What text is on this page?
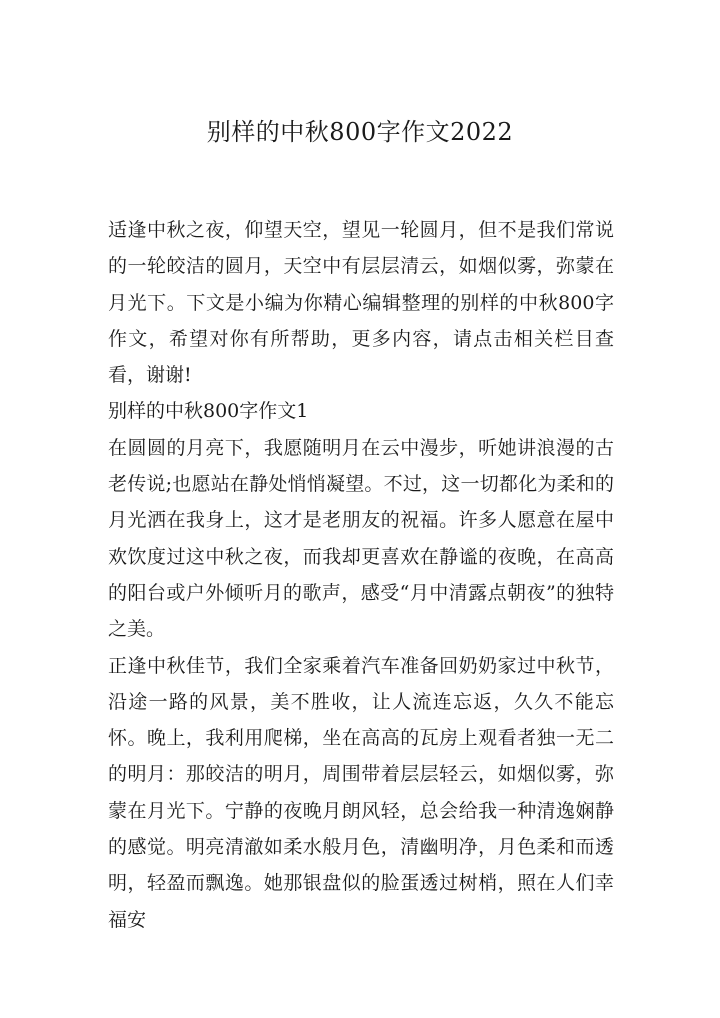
别样的中秋800字作文2022

适逢中秋之夜，仰望天空，望见一轮圆月，但不是我们常说的一轮皎洁的圆月，天空中有层层清云，如烟似雾，弥蒙在月光下。下文是小编为你精心编辑整理的别样的中秋800字作文，希望对你有所帮助，更多内容，请点击相关栏目查看，谢谢!

别样的中秋800字作文1

在圆圆的月亮下，我愿随明月在云中漫步，听她讲浪漫的古老传说;也愿站在静处悄悄凝望。不过，这一切都化为柔和的月光洒在我身上，这才是老朋友的祝福。许多人愿意在屋中欢饮度过这中秋之夜，而我却更喜欢在静谧的夜晚，在高高的阳台或户外倾听月的歌声，感受“月中清露点朝夜”的独特之美。

正逢中秋佳节，我们全家乘着汽车准备回奶奶家过中秋节，沿途一路的风景，美不胜收，让人流连忘返，久久不能忘怀。晚上，我利用爬梯，坐在高高的瓦房上观看者独一无二的明月：那皎洁的明月，周围带着层层轻云，如烟似雾，弥蒙在月光下。宁静的夜晚月朗风轻，总会给我一种清逸娴静的感觉。明亮清澈如柔水般月色，清幽明净，月色柔和而透明，轻盈而飘逸。她那银盘似的脸蛋透过树梢，照在人们幸福安
